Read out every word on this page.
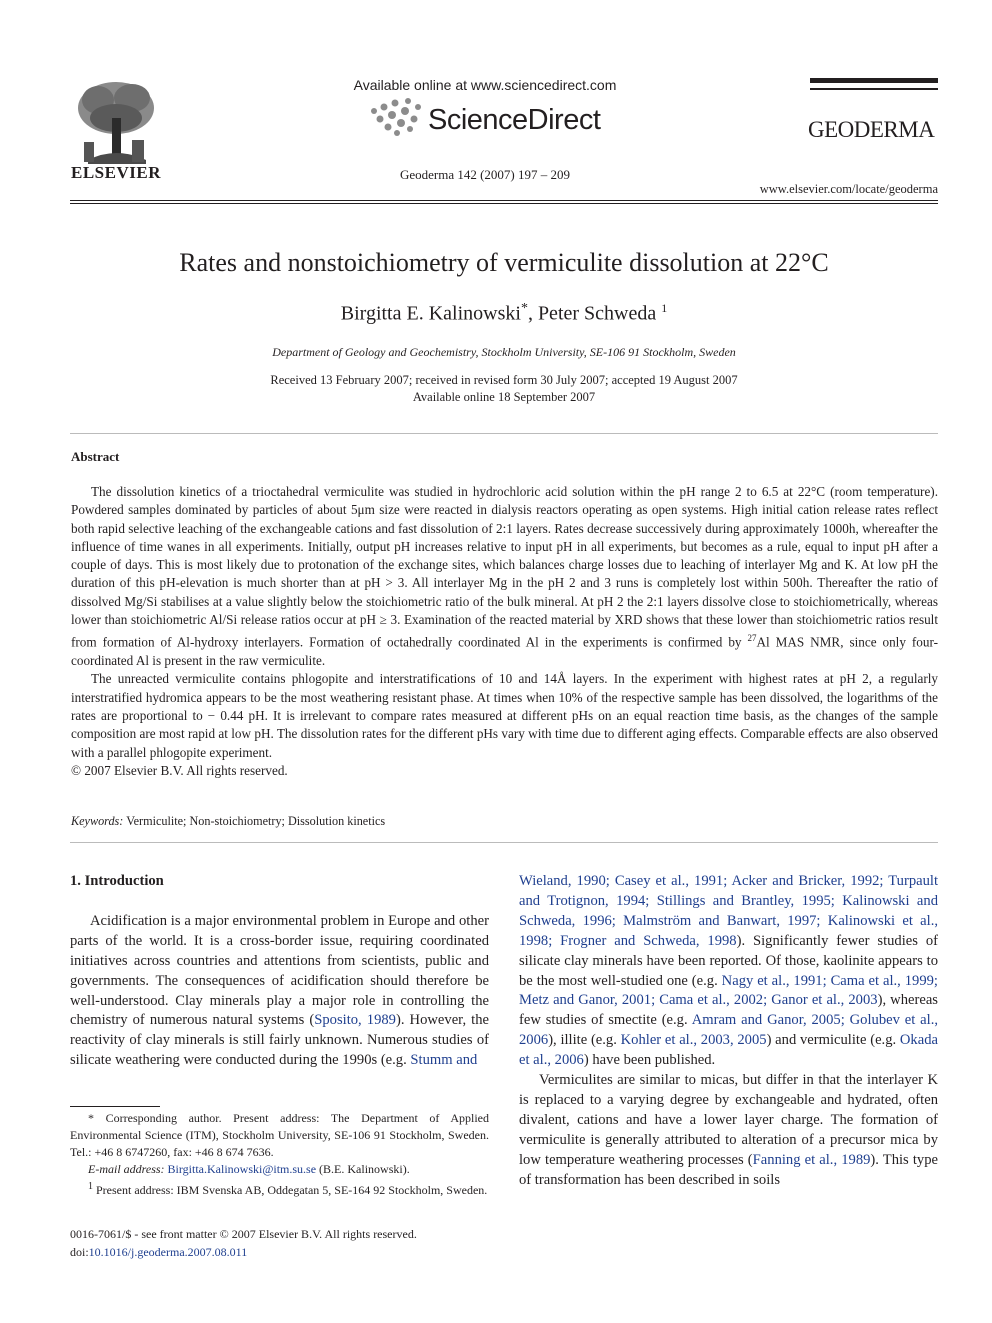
ELSEVIER
Available online at www.sciencedirect.com
ScienceDirect
Geoderma 142 (2007) 197 – 209
GEODERMA
www.elsevier.com/locate/geoderma
Rates and nonstoichiometry of vermiculite dissolution at 22°C
Birgitta E. Kalinowski*, Peter Schweda $^1$
Department of Geology and Geochemistry, Stockholm University, SE-106 91 Stockholm, Sweden
Received 13 February 2007; received in revised form 30 July 2007; accepted 19 August 2007
Available online 18 September 2007
Abstract

The dissolution kinetics of a trioctahedral vermiculite was studied in hydrochloric acid solution within the pH range 2 to 6.5 at 22°C (room temperature). Powdered samples dominated by particles of about 5μm size were reacted in dialysis reactors operating as open systems. High initial cation release rates reflect both rapid selective leaching of the exchangeable cations and fast dissolution of 2:1 layers. Rates decrease successively during approximately 1000h, whereafter the influence of time wanes in all experiments. Initially, output pH increases relative to input pH in all experiments, but becomes as a rule, equal to input pH after a couple of days. This is most likely due to protonation of the exchange sites, which balances charge losses due to leaching of interlayer Mg and K. At low pH the duration of this pH-elevation is much shorter than at pH > 3. All interlayer Mg in the pH 2 and 3 runs is completely lost within 500h. Thereafter the ratio of dissolved Mg/Si stabilises at a value slightly below the stoichiometric ratio of the bulk mineral. At pH 2 the 2:1 layers dissolve close to stoichiometrically, whereas lower than stoichiometric Al/Si release ratios occur at pH ≥ 3. Examination of the reacted material by XRD shows that these lower than stoichiometric ratios result from formation of Al-hydroxy interlayers. Formation of octahedrally coordinated Al in the experiments is confirmed by $^{27}$Al MAS NMR, since only four-coordinated Al is present in the raw vermiculite.

The unreacted vermiculite contains phlogopite and interstratifications of 10 and 14Å layers. In the experiment with highest rates at pH 2, a regularly interstratified hydromica appears to be the most weathering resistant phase. At times when 10% of the respective sample has been dissolved, the logarithms of the rates are proportional to − 0.44 pH. It is irrelevant to compare rates measured at different pHs on an equal reaction time basis, as the changes of the sample composition are most rapid at low pH. The dissolution rates for the different pHs vary with time due to different aging effects. Comparable effects are also observed with a parallel phlogopite experiment.

© 2007 Elsevier B.V. All rights reserved.

Keywords: Vermiculite; Non-stoichiometry; Dissolution kinetics
1. Introduction

Acidification is a major environmental problem in Europe and other parts of the world. It is a cross-border issue, requiring coordinated initiatives across countries and attentions from scientists, public and governments. The consequences of acidification should therefore be well-understood. Clay minerals play a major role in controlling the chemistry of numerous natural systems (Sposito, 1989). However, the reactivity of clay minerals is still fairly unknown. Numerous studies of silicate weathering were conducted during the 1990s (e.g. Stumm and

Wieland, 1990; Casey et al., 1991; Acker and Bricker, 1992; Turpault and Trotignon, 1994; Stillings and Brantley, 1995; Kalinowski and Schweda, 1996; Malmström and Banwart, 1997; Kalinowski et al., 1998; Frogner and Schweda, 1998). Significantly fewer studies of silicate clay minerals have been reported. Of those, kaolinite appears to be the most well-studied one (e.g. Nagy et al., 1991; Cama et al., 1999; Metz and Ganor, 2001; Cama et al., 2002; Ganor et al., 2003), whereas few studies of smectite (e.g. Amram and Ganor, 2005; Golubev et al., 2006), illite (e.g. Kohler et al., 2003, 2005) and vermiculite (e.g. Okada et al., 2006) have been published.

Vermiculites are similar to micas, but differ in that the interlayer K is replaced to a varying degree by exchangeable and hydrated, often divalent, cations and have a lower layer charge. The formation of vermiculite is generally attributed to alteration of a precursor mica by low temperature weathering processes (Fanning et al., 1989). This type of transformation has been described in soils

* Corresponding author. Present address: The Department of Applied Environmental Science (ITM), Stockholm University, SE-106 91 Stockholm, Sweden. Tel.: +46 8 6747260, fax: +46 8 674 7636.

E-mail address: Birgitta.Kalinowski@itm.su.se (B.E. Kalinowski).

$^1$ Present address: IBM Svenska AB, Oddegatan 5, SE-164 92 Stockholm, Sweden.

0016-7061/$ - see front matter © 2007 Elsevier B.V. All rights reserved.
doi:10.1016/j.geoderma.2007.08.011
